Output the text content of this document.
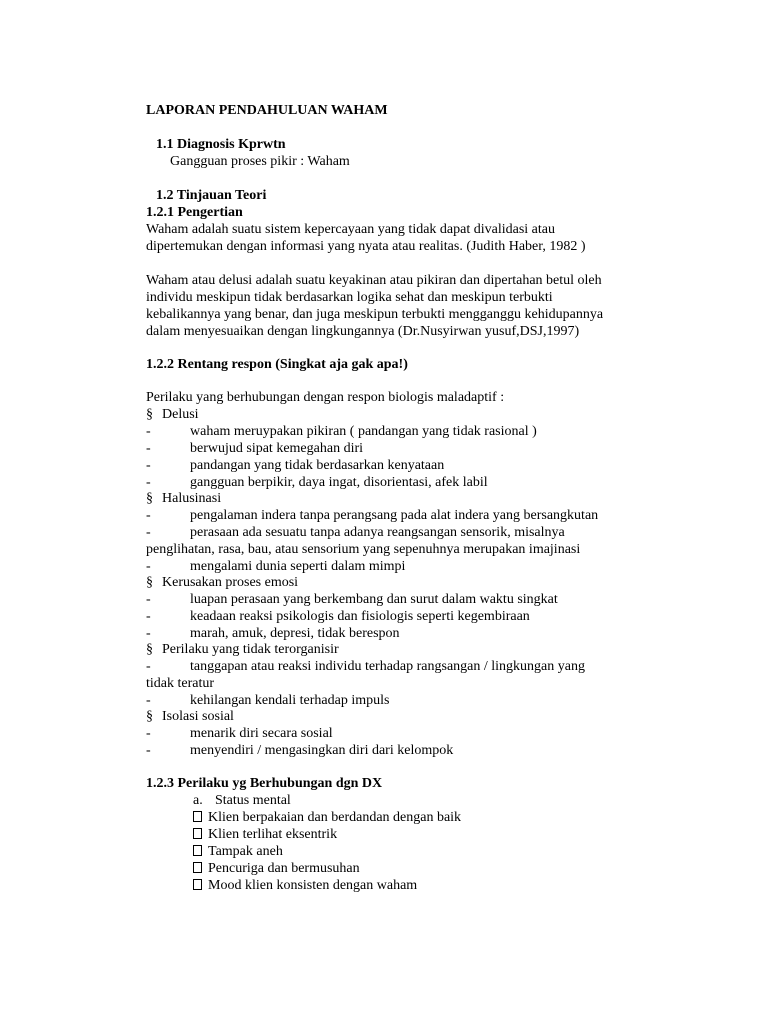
LAPORAN PENDAHULUAN WAHAM
1.1 Diagnosis Kprwtn
Gangguan proses pikir : Waham
1.2 Tinjauan Teori
1.2.1 Pengertian
Waham adalah suatu sistem kepercayaan yang tidak dapat divalidasi atau
dipertemukan dengan informasi yang nyata atau realitas. (Judith Haber, 1982 )
Waham atau delusi adalah suatu keyakinan atau pikiran dan dipertahan betul oleh
individu meskipun tidak berdasarkan logika sehat dan meskipun terbukti
kebalikannya yang benar, dan juga meskipun terbukti mengganggu kehidupannya
dalam menyesuaikan dengan lingkungannya (Dr.Nusyirwan yusuf,DSJ,1997)
1.2.2 Rentang respon (Singkat aja gak apa!)
Perilaku yang berhubungan dengan respon biologis maladaptif :
§ Delusi
-	waham meruypakan pikiran ( pandangan yang tidak rasional )
-	berwujud sipat kemegahan diri
-	pandangan yang tidak berdasarkan kenyataan
-	gangguan berpikir, daya ingat, disorientasi, afek labil
§ Halusinasi
-	pengalaman indera tanpa perangsang pada alat indera yang bersangkutan
-	perasaan ada sesuatu tanpa adanya reangsangan sensorik, misalnya
penglihatan, rasa, bau, atau sensorium yang sepenuhnya merupakan imajinasi
-	mengalami dunia seperti dalam mimpi
§ Kerusakan proses emosi
-	luapan perasaan yang berkembang dan surut dalam waktu singkat
-	keadaan reaksi psikologis dan fisiologis seperti kegembiraan
-	marah, amuk, depresi, tidak berespon
§ Perilaku yang tidak terorganisir
-	tanggapan atau reaksi individu terhadap rangsangan / lingkungan yang
tidak teratur
-	kehilangan kendali terhadap impuls
§ Isolasi sosial
-	menarik diri secara sosial
-	menyendiri / mengasingkan diri dari kelompok
1.2.3 Perilaku yg Berhubungan dgn DX
a. Status mental
Klien berpakaian dan berdandan dengan baik
Klien terlihat eksentrik
Tampak aneh
Pencuriga dan bermusuhan
Mood klien konsisten dengan waham
